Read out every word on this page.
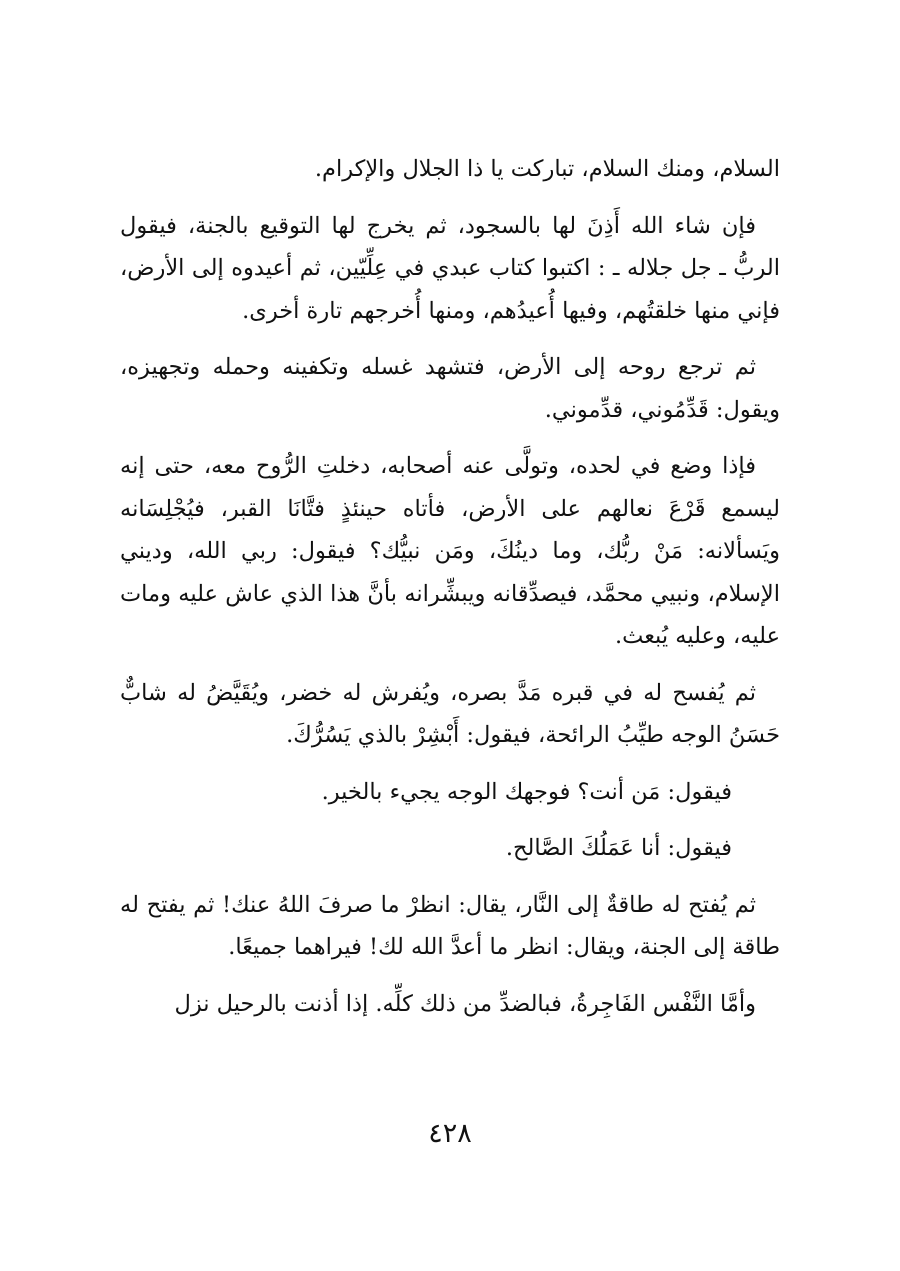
السلام، ومنك السلام، تباركت يا ذا الجلال والإكرام.

فإن شاء الله أَذِنَ لها بالسجود، ثم يخرج لها التوقيع بالجنة، فيقول الربُّ ـ جل جلاله ـ : اكتبوا كتاب عبدي في عِلِّيّين، ثم أعيدوه إلى الأرض، فإني منها خلقتُهم، وفيها أُعيدُهم، ومنها أُخرجهم تارة أخرى.

ثم ترجع روحه إلى الأرض، فتشهد غسله وتكفينه وحمله وتجهيزه، ويقول: قَدِّمُوني، قدِّموني.

فإذا وضع في لحده، وتولَّى عنه أصحابه، دخلتِ الرُّوح معه، حتى إنه ليسمع قَرْعَ نعالهم على الأرض، فأتاه حينئذٍ فتَّانَا القبر، فيُجْلِسَانه ويَسألانه: مَنْ ربُّك، وما دينُكَ، ومَن نبيُّك؟ فيقول: ربي الله، وديني الإسلام، ونبيي محمَّد، فيصدِّقانه ويبشِّرانه بأنَّ هذا الذي عاش عليه ومات عليه، وعليه يُبعث.

ثم يُفسح له في قبره مَدَّ بصره، ويُفرش له خضر، ويُقَيَّضُ له شابٌّ حَسَنُ الوجه طيِّبُ الرائحة، فيقول: أَبْشِرْ بالذي يَسُرُّكَ.

فيقول: مَن أنت؟ فوجهك الوجه يجيء بالخير.

فيقول: أنا عَمَلُكَ الصَّالح.

ثم يُفتح له طاقةٌ إلى النَّار، يقال: انظرْ ما صرفَ اللهُ عنك! ثم يفتح له طاقة إلى الجنة، ويقال: انظر ما أعدَّ الله لك! فيراهما جميعًا.

وأمَّا النَّفْس الفَاجِرةُ، فبالضدِّ من ذلك كلِّه. إذا أذنت بالرحيل نزل

٤٢٨
